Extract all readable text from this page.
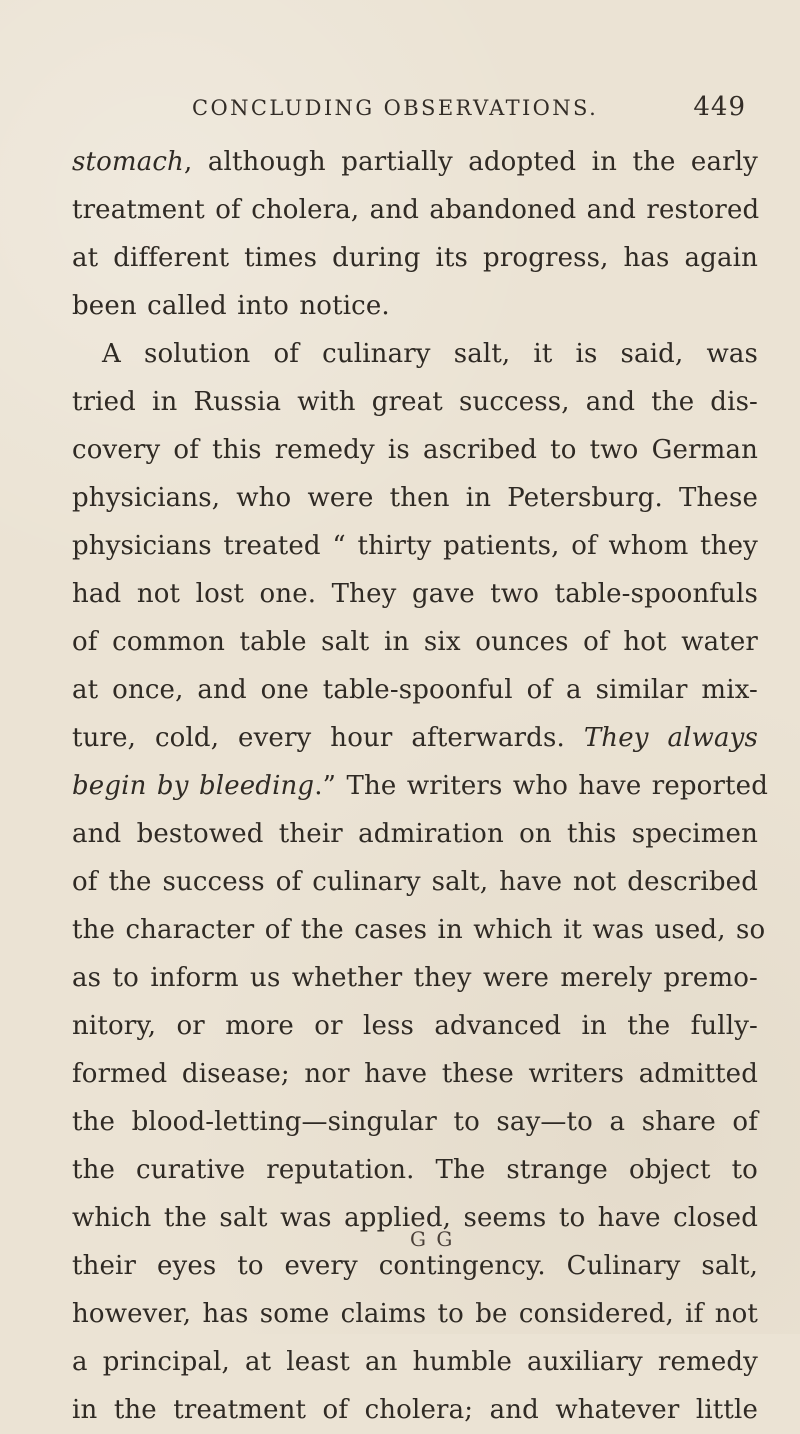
CONCLUDING OBSERVATIONS.	449
stomach, although partially adopted in the early
treatment of cholera, and abandoned and restored
at different times during its progress, has again
been called into notice.
A solution of culinary salt, it is said, was
tried in Russia with great success, and the dis-
covery of this remedy is ascribed to two German
physicians, who were then in Petersburg. These
physicians treated “ thirty patients, of whom they
had not lost one. They gave two table-spoonfuls
of common table salt in six ounces of hot water
at once, and one table-spoonful of a similar mix-
ture, cold, every hour afterwards. They always
begin by bleeding.” The writers who have reported
and bestowed their admiration on this specimen
of the success of culinary salt, have not described
the character of the cases in which it was used, so
as to inform us whether they were merely premo-
nitory, or more or less advanced in the fully-
formed disease; nor have these writers admitted
the blood-letting—singular to say—to a share of
the curative reputation. The strange object to
which the salt was applied, seems to have closed
their eyes to every contingency. Culinary salt,
however, has some claims to be considered, if not
a principal, at least an humble auxiliary remedy
in the treatment of cholera; and whatever little
G G
